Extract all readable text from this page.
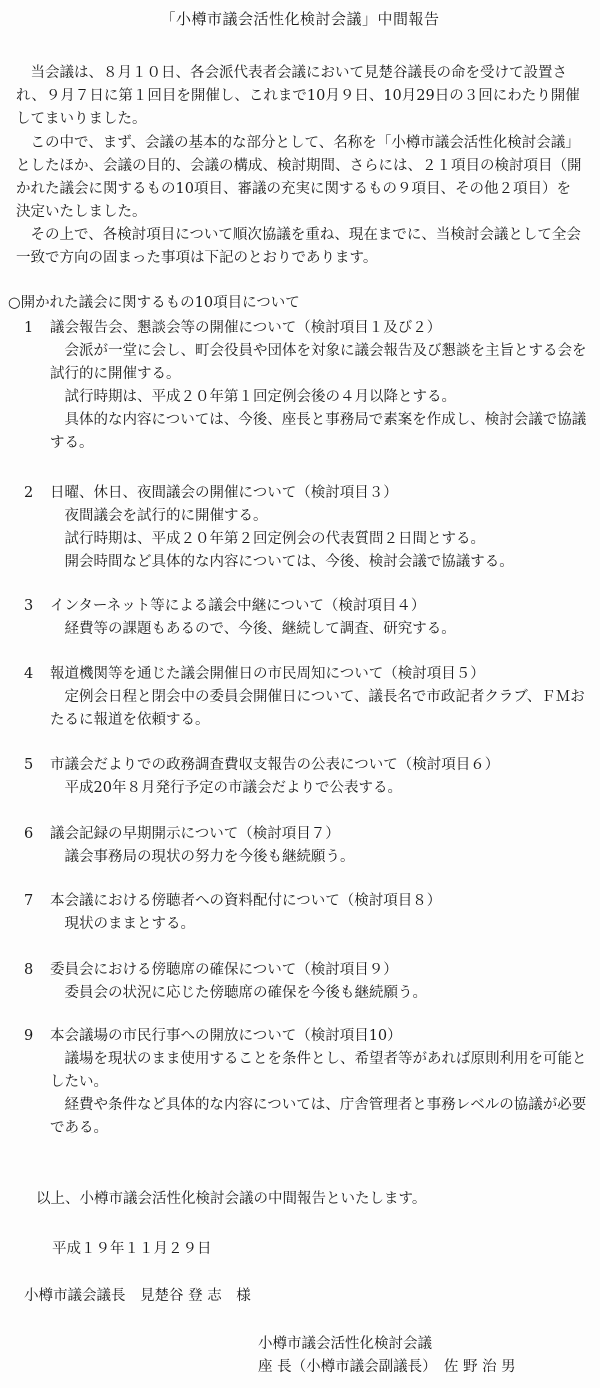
「小樽市議会活性化検討会議」中間報告

当会議は、８月１０日、各会派代表者会議において見楚谷議長の命を受けて設置され、９月７日に第１回目を開催し、これまで10月９日、10月29日の３回にわたり開催してまいりました。

この中で、まず、会議の基本的な部分として、名称を「小樽市議会活性化検討会議」としたほか、会議の目的、会議の構成、検討期間、さらには、２１項目の検討項目（開かれた議会に関するもの10項目、審議の充実に関するもの９項目、その他２項目）を決定いたしました。

その上で、各検討項目について順次協議を重ね、現在までに、当検討会議として全会一致で方向の固まった事項は下記のとおりであります。

○開かれた議会に関するもの10項目について

1 議会報告会、懇談会等の開催について（検討項目１及び２）

会派が一堂に会し、町会役員や団体を対象に議会報告及び懇談を主旨とする会を試行的に開催する。

試行時期は、平成２０年第１回定例会後の４月以降とする。

具体的な内容については、今後、座長と事務局で素案を作成し、検討会議で協議する。

2 日曜、休日、夜間議会の開催について（検討項目３）

夜間議会を試行的に開催する。

試行時期は、平成２０年第２回定例会の代表質問２日間とする。

開会時間など具体的な内容については、今後、検討会議で協議する。

3 インターネット等による議会中継について（検討項目４）

経費等の課題もあるので、今後、継続して調査、研究する。

4 報道機関等を通じた議会開催日の市民周知について（検討項目５）

定例会日程と閉会中の委員会開催日について、議長名で市政記者クラブ、ＦＭおたるに報道を依頼する。

5 市議会だよりでの政務調査費収支報告の公表について（検討項目６）

平成20年８月発行予定の市議会だよりで公表する。

6 議会記録の早期開示について（検討項目７）

議会事務局の現状の努力を今後も継続願う。

7 本会議における傍聴者への資料配付について（検討項目８）

現状のままとする。

8 委員会における傍聴席の確保について（検討項目９）

委員会の状況に応じた傍聴席の確保を今後も継続願う。

9 本会議場の市民行事への開放について（検討項目10）

議場を現状のまま使用することを条件とし、希望者等があれば原則利用を可能としたい。

経費や条件など具体的な内容については、庁舎管理者と事務レベルの協議が必要である。

以上、小樽市議会活性化検討会議の中間報告といたします。
平成１９年１１月２９日
小樽市議会議長　見楚谷 登 志　様
小樽市議会活性化検討会議
座 長（小樽市議会副議長）　佐 野 治 男
